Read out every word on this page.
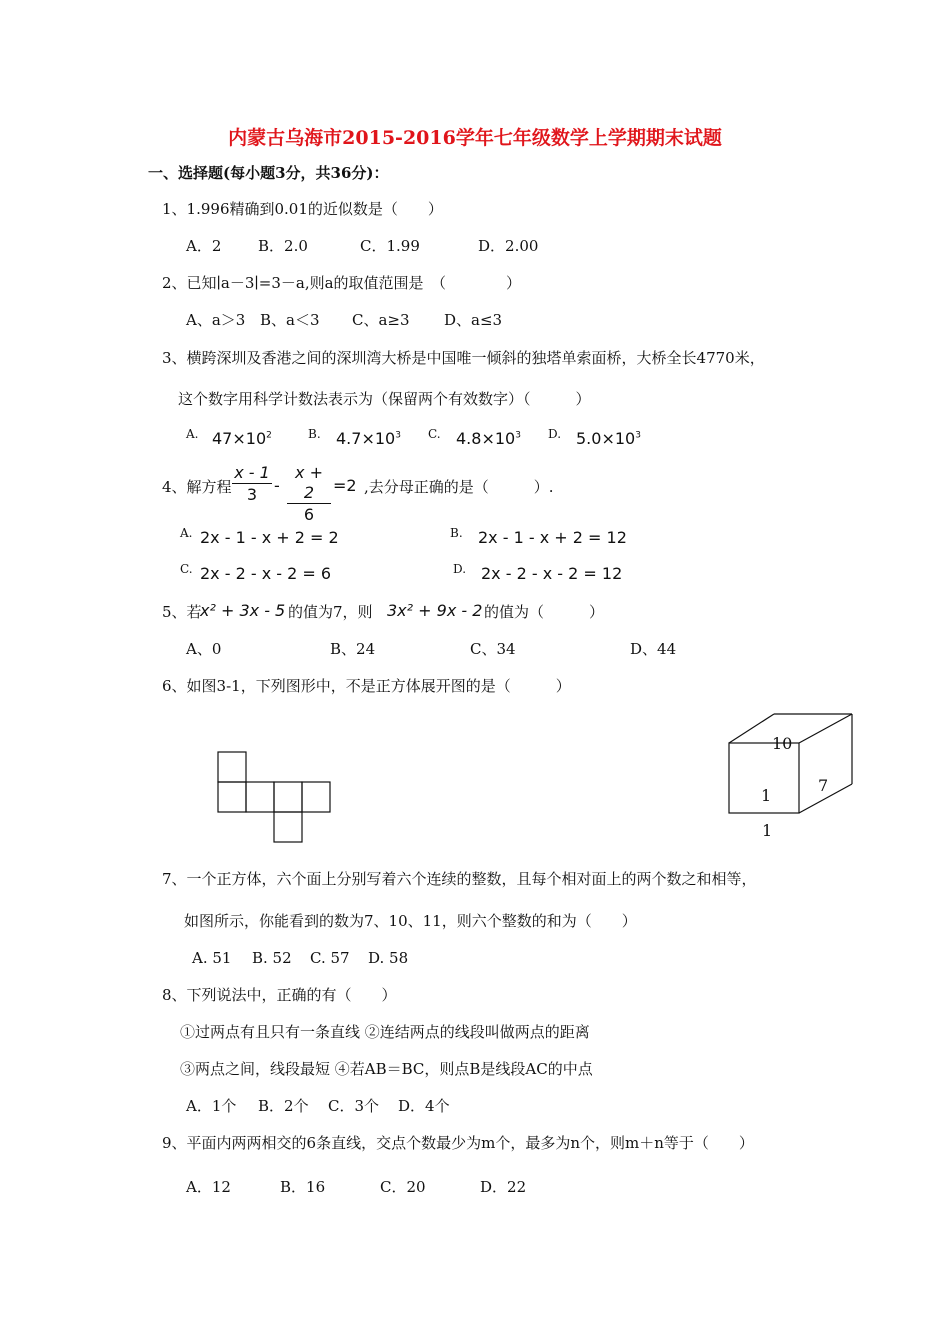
内蒙古乌海市2015-2016学年七年级数学上学期期末试题
一、选择题(每小题3分，共36分)：
1、1.996精确到0.01的近似数是（　　）
A．2 B．2.0	C．1.99	D．2.00
2、已知∣a－3∣=3－a,则a的取值范围是　（　　　　）
A、a＞3 B、a＜3 C、a≥3 D、a≤3
3、横跨深圳及香港之间的深圳湾大桥是中国唯一倾斜的独塔单索面桥，大桥全长4770米，
这个数字用科学计数法表示为（保留两个有效数字）（　　　）
A. $47\times 10^2$	B. $4.7\times 10^3$ C. $4.8\times 10^3$ D. $5.0\times 10^3$
4、解方程 $\frac{x - 1}{3} - \frac{x + 2}{6} =2$ ,去分母正确的是（　　　）.
A. 2x - 1 - x + 2 = 2	B. 2x - 1 - x + 2 = 12
C. 2x - 2 - x - 2 = 6	D. 2x - 2 - x - 2 = 12
5、若
x² + 3x - 5 的值为7，则 3x² + 9x - 2 的值为（　　　）
A、0	B、24	C、34	D、44
6、如图3-1，下列图形中，不是正方体展开图的是（　　　）
10
1
7
1
7、一个正方体，六个面上分别写着六个连续的整数，且每个相对面上的两个数之和相等，
如图所示，你能看到的数为7、10、11，则六个整数的和为（　　）
A. 51 B. 52 C. 57 D. 58
8、下列说法中，正确的有（　　）
①过两点有且只有一条直线 ②连结两点的线段叫做两点的距离
③两点之间，线段最短 ④若AB＝BC，则点B是线段AC的中点
A．1个 B．2个 C．3个 D．4个
9、平面内两两相交的6条直线，交点个数最少为m个，最多为n个，则m＋n等于（　　）
A．12	B．16	C．20	D．22
